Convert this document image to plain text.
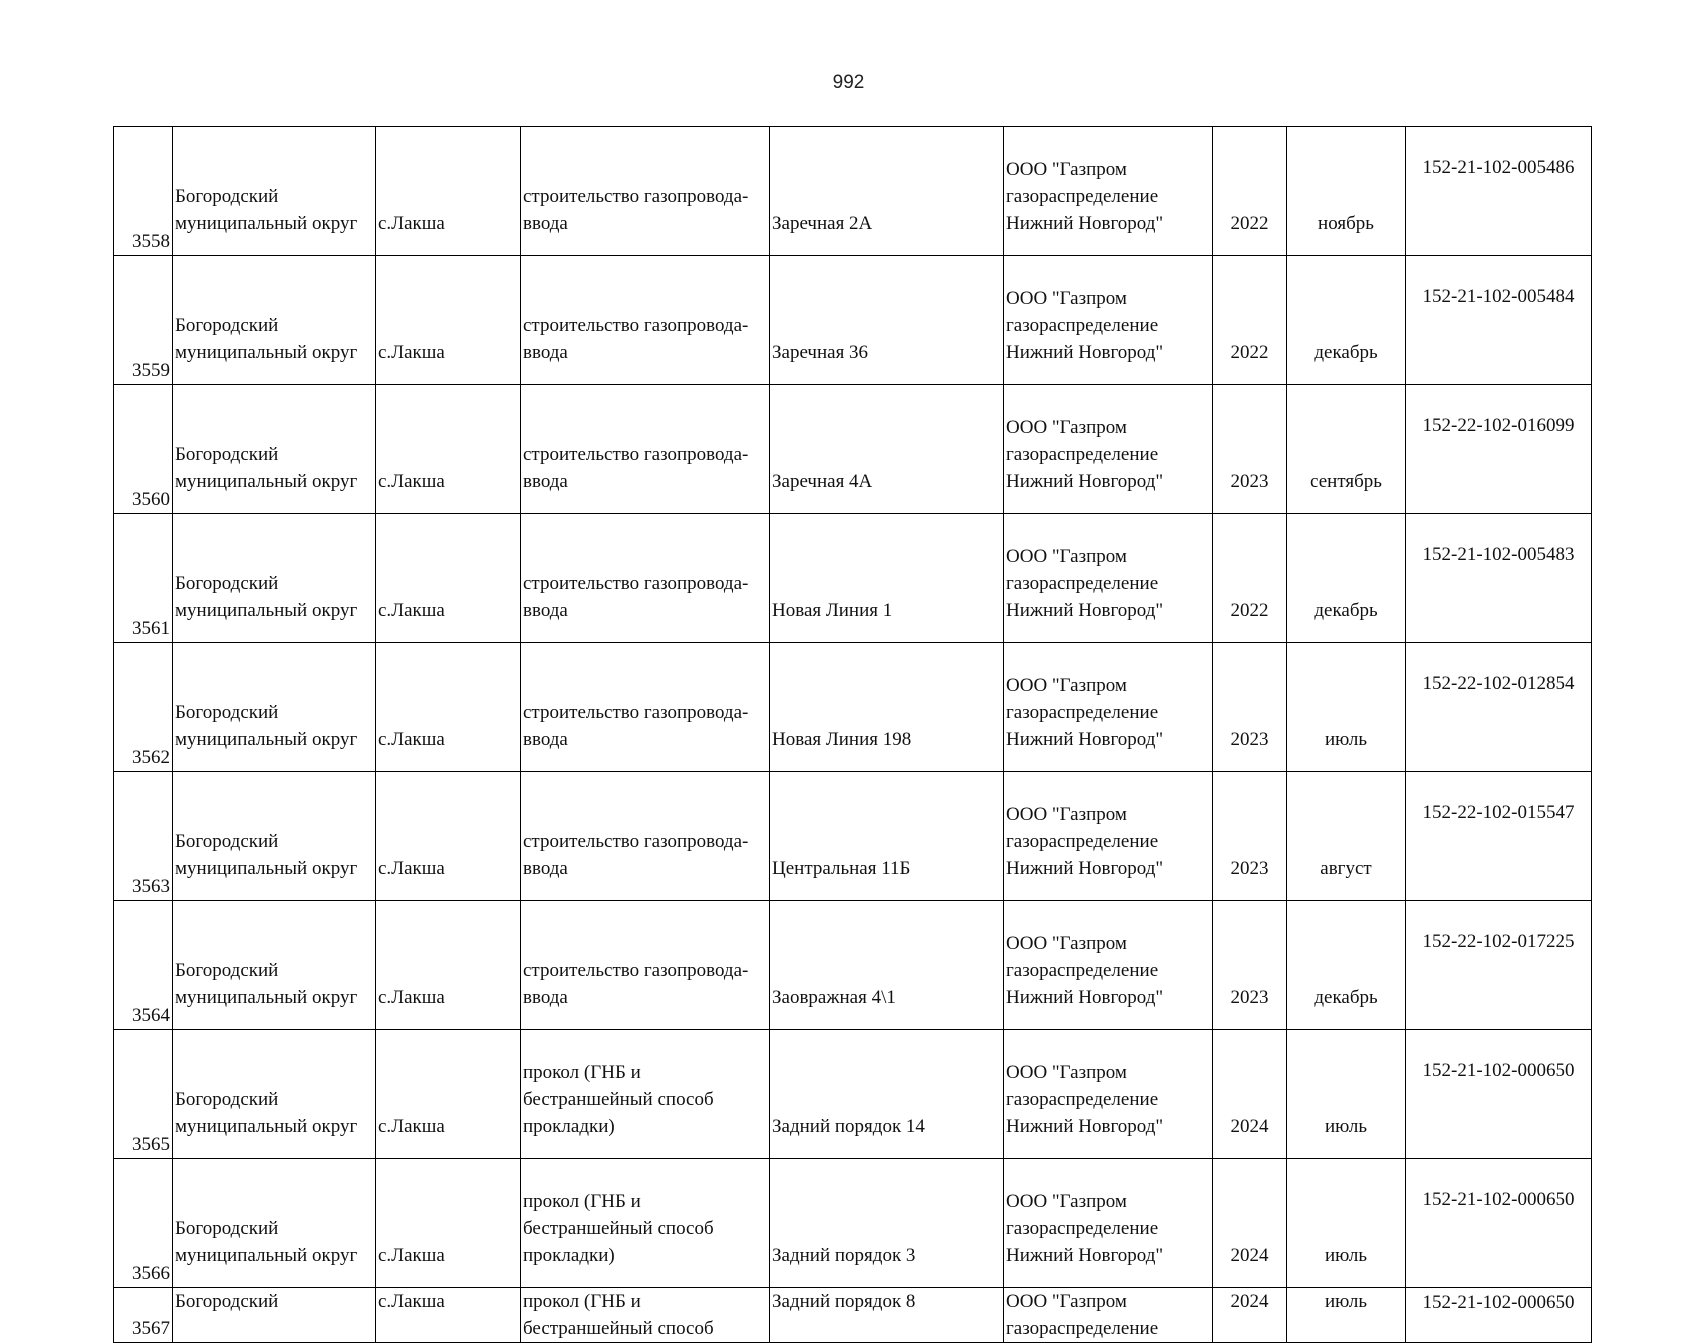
992
3558	Богородский
муниципальный округ	с.Лакша	строительство газопровода-
ввода	Заречная 2А	ООО "Газпром
газораспределение
Нижний Новгород"	2022	ноябрь	152-21-102-005486
3559	Богородский
муниципальный округ	с.Лакша	строительство газопровода-
ввода	Заречная 36	ООО "Газпром
газораспределение
Нижний Новгород"	2022	декабрь	152-21-102-005484
3560	Богородский
муниципальный округ	с.Лакша	строительство газопровода-
ввода	Заречная 4А	ООО "Газпром
газораспределение
Нижний Новгород"	2023	сентябрь	152-22-102-016099
3561	Богородский
муниципальный округ	с.Лакша	строительство газопровода-
ввода	Новая Линия 1	ООО "Газпром
газораспределение
Нижний Новгород"	2022	декабрь	152-21-102-005483
3562	Богородский
муниципальный округ	с.Лакша	строительство газопровода-
ввода	Новая Линия 198	ООО "Газпром
газораспределение
Нижний Новгород"	2023	июль	152-22-102-012854
3563	Богородский
муниципальный округ	с.Лакша	строительство газопровода-
ввода	Центральная 11Б	ООО "Газпром
газораспределение
Нижний Новгород"	2023	август	152-22-102-015547
3564	Богородский
муниципальный округ	с.Лакша	строительство газопровода-
ввода	Заовражная 4\1	ООО "Газпром
газораспределение
Нижний Новгород"	2023	декабрь	152-22-102-017225
3565	Богородский
муниципальный округ	с.Лакша	прокол (ГНБ и
бестраншейный способ
прокладки)	Задний порядок 14	ООО "Газпром
газораспределение
Нижний Новгород"	2024	июль	152-21-102-000650
3566	Богородский
муниципальный округ	с.Лакша	прокол (ГНБ и
бестраншейный способ
прокладки)	Задний порядок 3	ООО "Газпром
газораспределение
Нижний Новгород"	2024	июль	152-21-102-000650
3567	Богородский	с.Лакша	прокол (ГНБ и
бестраншейный способ	Задний порядок 8	ООО "Газпром
газораспределение	2024	июль	152-21-102-000650
